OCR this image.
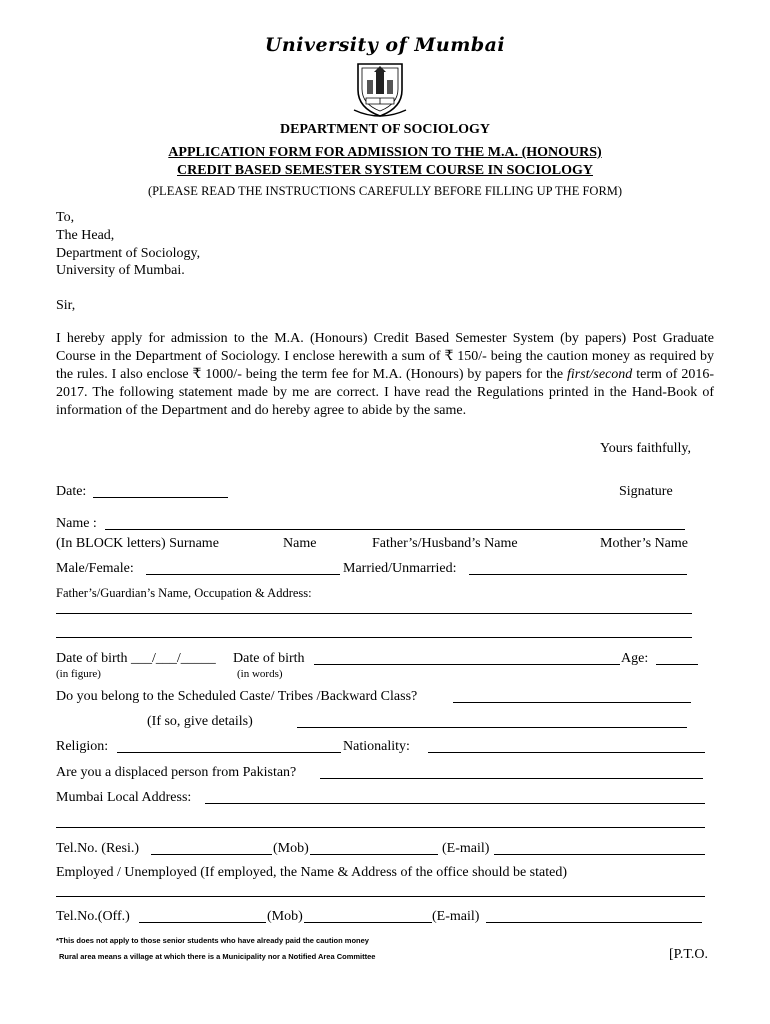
University of Mumbai
DEPARTMENT OF SOCIOLOGY
APPLICATION FORM FOR ADMISSION TO THE M.A. (HONOURS)
CREDIT BASED SEMESTER SYSTEM COURSE IN SOCIOLOGY
(PLEASE READ THE INSTRUCTIONS CAREFULLY BEFORE FILLING UP THE FORM)
To,
The Head,
Department of Sociology,
University of Mumbai.
Sir,
I hereby apply for admission to the M.A. (Honours) Credit Based Semester System (by papers) Post Graduate Course in the Department of Sociology. I enclose herewith a sum of ₹ 150/- being the caution money as required by the rules. I also enclose ₹ 1000/- being the term fee for M.A. (Honours) by papers for the first/second term of 2016-2017. The following statement made by me are correct. I have read the Regulations printed in the Hand-Book of information of the Department and do hereby agree to abide by the same.
Yours faithfully,
Date:	Signature
Name :
(In BLOCK letters) Surname	Name	Father’s/Husband’s Name	Mother’s Name
Male/Female:	Married/Unmarried:
Father’s/Guardian’s Name, Occupation & Address:
Date of birth ___/___/_____ Date of birth	Age:
(in figure)	(in words)
Do you belong to the Scheduled Caste/ Tribes /Backward Class?
(If so, give details)
Religion:	Nationality:
Are you a displaced person from Pakistan?
Mumbai Local Address:
Tel.No. (Resi.)	(Mob)	(E-mail)
Employed / Unemployed (If employed, the Name & Address of the office should be stated)
Tel.No.(Off.)	(Mob)	(E-mail)
*This does not apply to those senior students who have already paid the caution money
Rural area means a village at which there is a Municipality nor a Notified Area Committee	[P.T.O.
